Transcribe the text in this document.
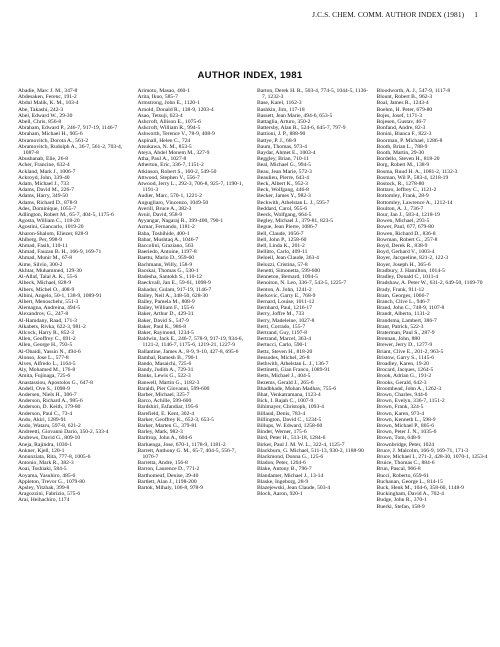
J.C.S. CHEM. COMM. AUTHOR INDEX (1981) 1
AUTHOR INDEX, 1981
Abadie, Marc J. M., 347-8
Abdesaken, Ferenc, 191-2
Abdul Malik, K. M., 103-4
Abe, Takashi, 242-3
Abel, Edward W., 29-30
Abell, Chris, 856-8
Abraham, Edward P., 246-7, 917-19, 1146-7
Abraham, Michael H., 905-6
Abramovitch, Dorota A., 561-2
Abramovitch, Rudolph A., 36-7, 561-2, 703-4, 1087-8
Abushanab, Elie, 26-8
Acher, Francine, 632-4
Ackland, Mark J., 1006-7
Ackroyd, John, 339-40
Adam, Michael J., 733
Adams, David M., 226-7
Adams, Harry, 349-50
Adams, Richard D., 878-9
Ades, Dominique, 1055-7
Adlington, Robert M., 65-7, 404-5, 1175-6
Agosta, William C., 118-20
Agostini, Giancarlo, 1019-20
Aharon-Shalom, Eliezer, 828-9
Ahlberg, Per, 998-9
Ahmad, Fasih, 110-11
Ahmad, Fauzan B. H., 166-9, 169-71
Ahmad, Munir M., 67-8
Aime, Silvio, 300-2
Akhtar, Muhammed, 129-30
Al-Allaf, Talal A. K., 55-6
Albeck, Michael, 828-9
Albers, Michel O., 408-9
Albini, Angelo, 50-1, 138-9, 1089-91
Albert, Menoschehr, 551-3
Alemagna, Andreina, 494-5
Alexandrov, G., 247-8
Al-Hamdany, Raad, 171-3
Alkabets, Rivka, 622-3, 981-2
Allcock, Harry R., 852-3
Allen, Geoffrey C., 691-2
Allen, George H., 793-5
Al-Obaidi, Yassin N., 494-6
Alonso, Jose L., 577-8
Alves, Alfredo L., 1164-5
Aly, Mohamed M., 176-8
Amita, Fujinaga, 725-6
Anastassiou, Apostolos G., 647-8
Andell, Ove S., 1098-9
Andersen, Niels H., 306-7
Anderson, Richard A., 985-6
Anderson, D. Keith, 179-80
Anderson, Paul C., 73-4
Ando, Akiri, 1289-91
Ando, Wataru, 597-8, 621-2
Andreetti, Giovanni Dario, 350-2, 533-4
Andrews, David G., 809-10
Aneja, Rajindra, 1030-1
Ankner, Kjell, 120-1
Annunziata, Rita, 777-8, 1005-6
Antonio, Mark R., 382-3
Aoai, Toshiaki, 584-5
Aoyama, Yasuhiro, 485-6
Appleton, Trevor G., 1079-80
Apsley, Yitzhak, 399-8
Aragozzini, Fabrizio, 575-6
Arai, Heihachiro, 1174
Arimoto, Masao, 460-1
Arita, Ikuo, 585-7
Armstrong, John E., 1120-1
Arnold, Donald R., 138-9, 1203-4
Asao, Tetsuji, 623-4
Ashcroft, Allison E., 1075-6
Ashcroft, William R., 994-5
Ashworth, Terence V., 78-9, 408-9
Aspinall, Helen C., 724
Atsukawa, N. M., 853-5
Ateya, Abdel Monem M., 327-9
Atha, Paul A., 1027-8
Atherton, Eric, 336-7, 1151-2
Atkinson, Robert S., 160-2, 549-50
Attwood, Stephen V., 556-7
Atwood, Jerry L., 292-3, 706-8, 925-7, 1190-1, 1191-3
Audier, Marc, 570-1, 1221-2
Augugliaro, Vincenzo, 1049-50
Averill, Bruce A., 382-3
Avnir, David, 958-9
Ayyangar, Nagaraj R., 399-400, 790-1
Azmar, Fernando, 1181-2
Baba, Toshihide, 400-1
Babar, Mushtaq A., 1046-7
Baccolini, Graziano, 563
Baeriedo, Antoine, 1197-8
Baettu, Mario D., 959-60
Bachmann, Willy, 158-9
Bacskai, Thomas G., 530-1
Badesha, Santokh S., 110-12
Baeckvall, Jan E., 59-61, 1098-9
Bahadur, Gulam, 917-19, 1146-7
Bailey, Neil A., 348-50, 628-30
Bailey, Pamela M., 808-9
Bailey, William F., 155-6
Baker, Arthur D., 429-31
Baker, David S., 547-9
Baker, Paul K., 986-8
Baker, Raymond, 1234-5
Baldwin, Jack E., 246-7, 578-9, 917-19, 934-6, 1121-2, 1146-7, 1175-6, 1219-21, 1227-9
Ballantine, James A., 8-9, 9-10, 427-8, 695-6
Bambal, Ramesh B., 790-1
Bando, Masaichi, 725-6
Bandy, Judith A., 729-31
Banks, Lewis G., 522-3
Banwell, Martin G., 1182-3
Baraldi, Pier Giovanni, 599-600
Barber, Michael, 325-7
Barco, Achille, 599-600
Bardshiri, Esfandiar, 195-6
Barefield, E. Kent, 302-4
Barker, Geoffrey K., 652-3, 653-5
Barker, Marten G., 379-81
Barley, Mark, 982-3
Barltrop, John A., 604-6
Barluenga, Jose, 670-1, 1178-9, 1181-2
Barrett, Anthony G. M., 65-7, 404-5, 556-7, 1076-7
Barretta, Andre, 156-8
Barron, Laurence D., 771-2
Barthomeuf, Denise, 39-40
Bartlett, Alan J., 1198-200
Bartok, Mihaly, 106-8, 978-9
Barton, Derek H. R., 503-4, 774-5, 1044-5, 1136-7, 1232-3
Base, Karel, 1162-3
Bashkin, Jim, 117-18
Bassett, Jean Marie, 494-6, 653-5
Battaglia, Arturo, 350-2
Battersby, Alan R., 524-6, 645-7, 797-9
Battioni, J. P., 888-90
Battye, P. J., 68-9
Baum, Thomas, 973-4
Baydar, Ahmet E., 1003-4
Beggley, Brian, 710-11
Beal, Michael G., 994-5
Beau, Jean Marie, 572-3
Beaulieu, Pierre, 643-4
Beck, Albert K., 952-3
Beck, Wolfgang, 446-8
Becker, James Y., 982-3
Beckwith, Athelstan L. J., 595-7
Beddard, Carol, 955-6
Beeck, Wolfgang, 664-5
Begley, Michael J., 379-81, 823-5
Begue, Jean Pierre, 1086-7
Bell, Claude, 1056-7
Bell, John P., 1258-60
Bell, Linda K., 201-2
Bellitto, Carlo, 409-11
Beloeil, Jean Claude, 363-4
Belozzi, Cristina, 57-8
Benetti, Simonetta, 599-600
Benneton, Bernard, 1094-5
Benoiton, N. Leo, 336-7, 543-5, 1225-7
Benton, A. John, 1241-2
Berkovic, Garry E., 768-9
Bernard, Louise, 1011-12
Bernhard, Paul, 1216-17
Berry, Joffre M., 733
Berry, Madeleine, 1027-8
Berti, Corrado, 155-7
Bertrand, Guy, 1197-8
Bertrand, Marcel, 363-4
Bertucci, Carlo, 590-1
Bettz, Steven H., 818-20
Bessodes, Michel, 26-8
Bethwith, Athelstan L. J., 136-7
Bettinetti, Gian Franco, 1089-91
Betts, Michael J., 404-5
Bezems, Gerald J., 265-6
Bhadbhade, Mohan Madhav, 755-6
Bhat, Venkatramana, 1123-4
Bick, I. Rajah C., 1007-9
Bihimayer, Christoph, 1093-4
Billaud, Denis, 783-4
Billington, David C., 1234-5
Billups, W. Edward, 1258-60
Binder, Werner, 175-6
Bird, Peter H., 513-18, 1284-6
Birker, Paul J. M. W. L., 322-4, 1125-7
Blackburn, G. Michael, 511-13, 930-2, 1188-90
Blackmond, Donna G., 125-6
Bladon, Peter, 1204-6
Blake, Antony B., 796-7
Blandamer, Michael J., 13-14
Blaske, Ingeborg, 28-9
Blazejewski, Jean Claude, 503-4
Bloch, Aaron, 920-1
Bloodworth, A. J., 547-9, 1117-8
Blount, Robert B., 962-3
Boal, James R., 1243-4
Boehm, H. Peter, 679-80
Bojes, Josef, 1171-3
Bojesen, Gustav, 46-7
Bonfand, Andre, 82-3
Bonini, Bianca F., 822-3
Boorman, P. Michael, 1286-8
Booth, Brian L., 788-9
Booth, Martin, 29-30
Bordello, Steven H., 818-20
Borg, Robert M., 138-9
Bosma, Ruud H. A., 1081-2, 1132-3
Bosman, Wil P., 583-4, 1218-19
Bostock, R., 1278-80
Bottaro, Jeffrey C., 1121-2
Bottomley, Frank, 28-9
Bottomley, Lawrence A., 1212-14
Boulton, A. J., 736-7
Bour, Jan J., 583-4, 1218-19
Bowen, Michael, 293-5
Bower, Paul, 677, 679-80
Bowen, Richard D., 836-8
Bowman, Robert G., 257-8
Boyd, Derek R., 838-9
Boyd, Gerhard V., 1003-4
Boyer, Jacqueline, 821-2, 122-3
Boyer, Joseph H., 365-6
Bradbury, J. Hamilton, 1014-5
Bradley, Donald C., 1011-4
Bradshaw, A. Peter W., 631-2, 649-50, 1169-70
Brady, Frank, 911-12
Bram, Georges, 1066-7
Branch, Clive L., 946-7
Brand, John C., 748-9, 1107-8
Brandt, Alberto, 1131-2
Brandsma, Lambert, 386-7
Brant, Patrick, 522-3
Braterman, Paul S., 287-9
Brennan, John, 880
Brewer, Jerry D., 1277-9
Briant, Clive E., 201-2, 963-5
Bristow, Garry S., 1145-6
Broadley, Karen, 19-20
Brocard, Jacques, 1264-5
Brook, Adrian G., 191-2
Brooks, Gerald, 642-3
Broomhead, John A., 1262-3
Brown, Charles, 944-6
Brown, Evelyn, 336-7, 1151-2
Brown, Frank, 324-5
Brown, Karen, 973-4
Brown, Kenneth L., 598-9
Brown, Michael P., 805-6
Brown, Peter J. N., 1035-6
Brown, Tom, 648-9
Brownbridge, Peter, 1024
Bruce, J. Malcolm, 166-9, 169-71, 171-3
Bruce, Michael I., 271-2, 428-30, 1070-1, 1253-4
Bruice, Thomas C., 884-6
Brun, Pascal, 966-8
Bucci, Roberto, 659-61
Buchanan, George L., 814-15
Buck, Henk M., 104-6, 358-60, 1148-9
Buckingham, David A., 702-4
Budge, John R., 370-1
Buerki, Stefan, 158-9
